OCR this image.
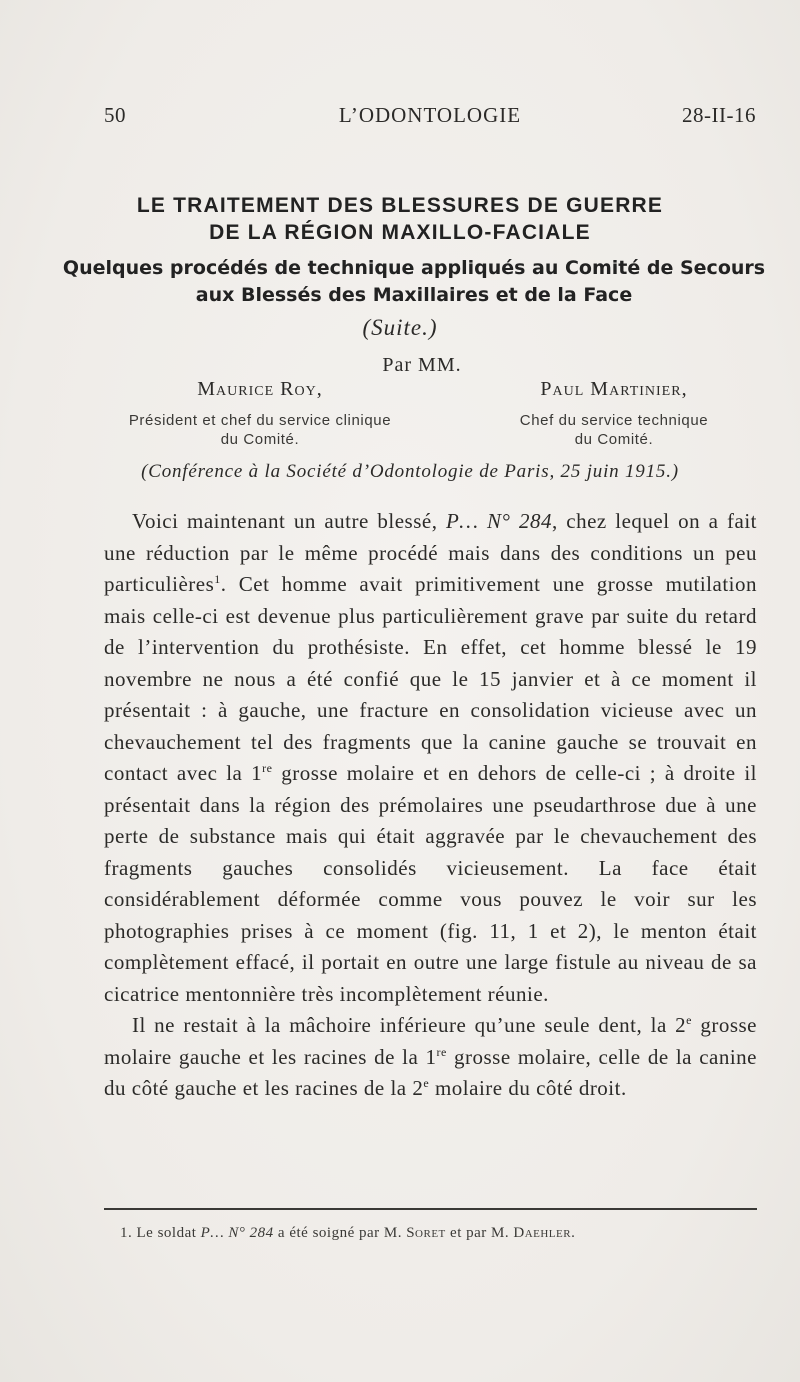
50	L’ODONTOLOGIE	28-II-16
LE TRAITEMENT DES BLESSURES DE GUERRE
DE LA RÉGION MAXILLO-FACIALE
Quelques procédés de technique appliqués au Comité de Secours
aux Blessés des Maxillaires et de la Face
(Suite.)
Par MM.
Maurice Roy,
Président et chef du service clinique
du Comité.
Paul Martinier,
Chef du service technique
du Comité.
(Conférence à la Société d’Odontologie de Paris, 25 juin 1915.)

Voici maintenant un autre blessé, P… N° 284, chez lequel on a fait une réduction par le même procédé mais dans des conditions un peu particulières$^1$. Cet homme avait primitivement une grosse mutilation mais celle-ci est devenue plus particulièrement grave par suite du retard de l’intervention du prothésiste. En effet, cet homme blessé le 19 novembre ne nous a été confié que le 15 janvier et à ce moment il présentait : à gauche, une fracture en consolidation vicieuse avec un chevauchement tel des fragments que la canine gauche se trouvait en contact avec la 1re grosse molaire et en dehors de celle-ci ; à droite il présentait dans la région des prémolaires une pseudarthrose due à une perte de substance mais qui était aggravée par le chevauchement des fragments gauches consolidés vicieusement. La face était considérablement déformée comme vous pouvez le voir sur les photographies prises à ce moment (fig. 11, 1 et 2), le menton était complètement effacé, il portait en outre une large fistule au niveau de sa cicatrice mentonnière très incomplètement réunie.

Il ne restait à la mâchoire inférieure qu’une seule dent, la 2e grosse molaire gauche et les racines de la 1re grosse molaire, celle de la canine du côté gauche et les racines de la 2e molaire du côté droit.

1. Le soldat P… N° 284 a été soigné par M. Soret et par M. Daehler.
